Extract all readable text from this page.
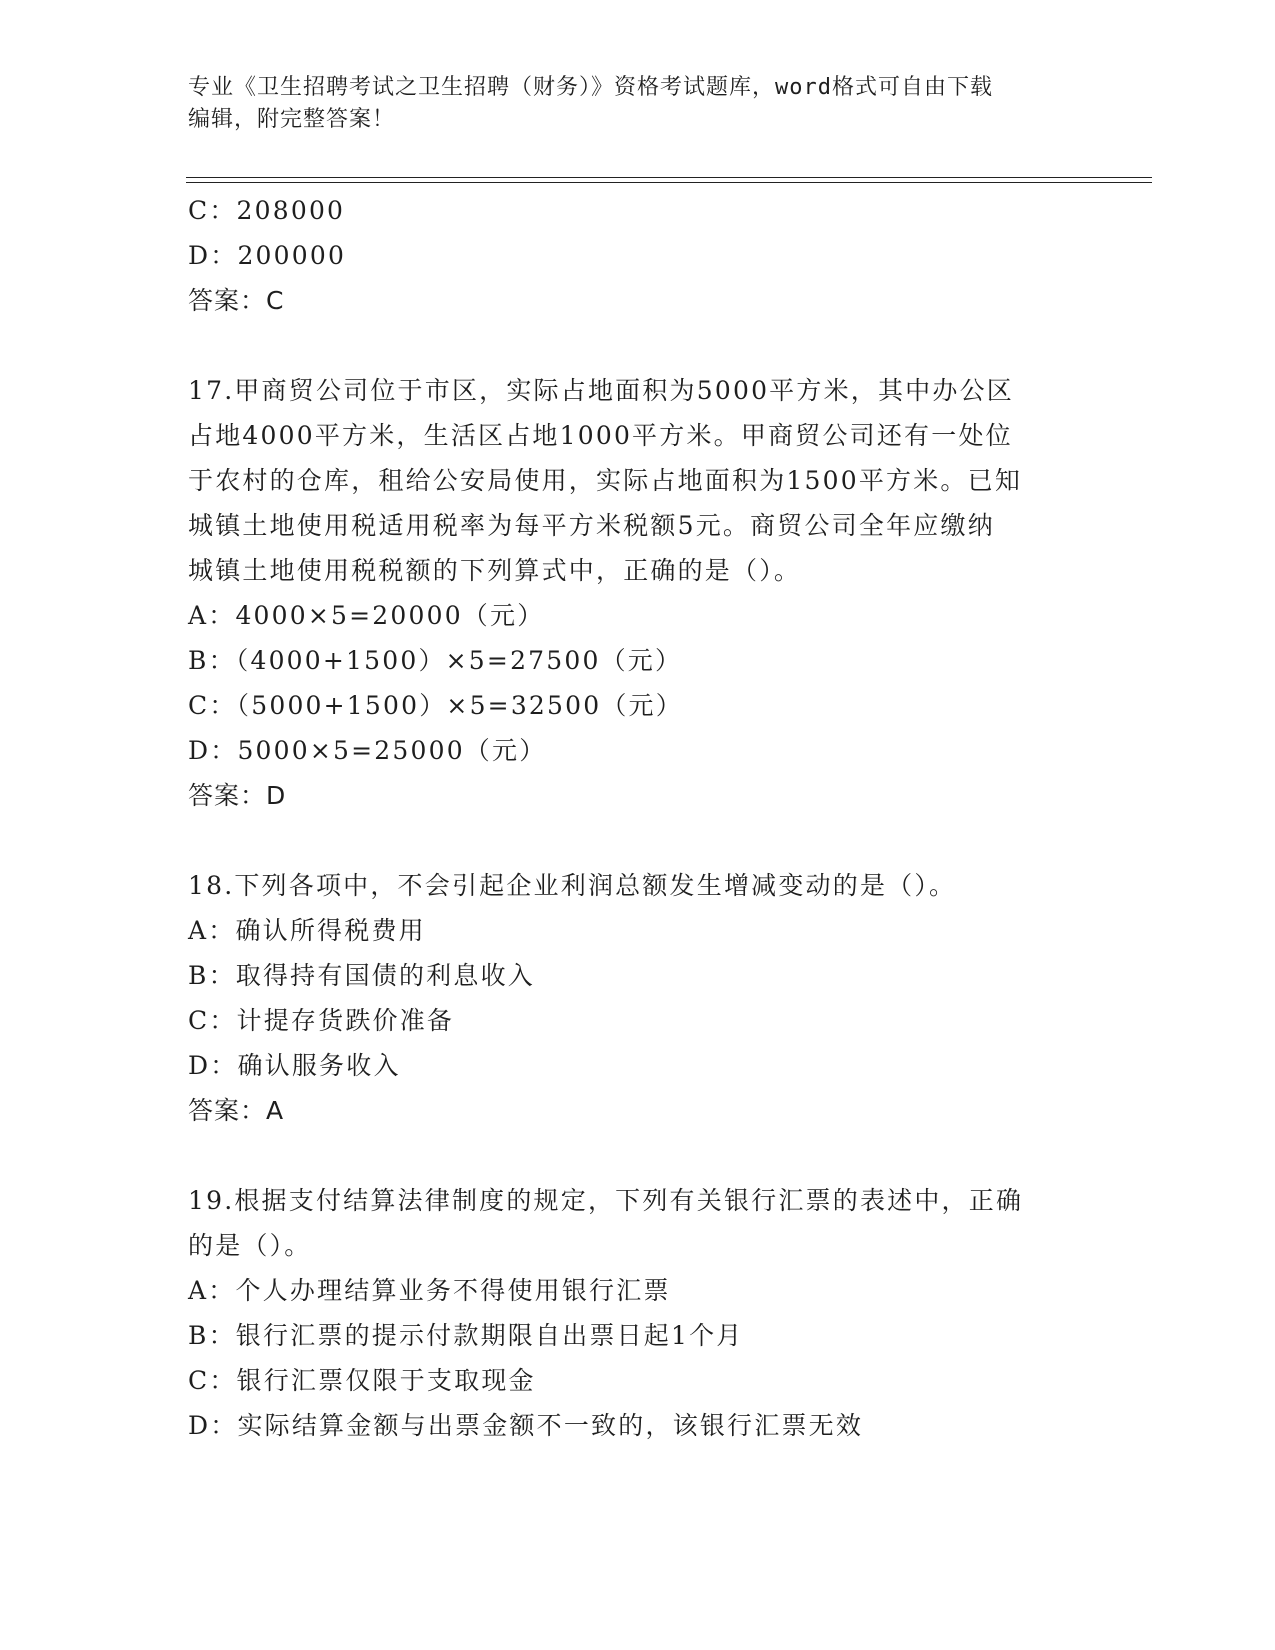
专业《卫生招聘考试之卫生招聘（财务）》资格考试题库，word格式可自由下载
编辑，附完整答案！
C：208000
D：200000
答案：C
17.甲商贸公司位于市区，实际占地面积为5000平方米，其中办公区
占地4000平方米，生活区占地1000平方米。甲商贸公司还有一处位
于农村的仓库，租给公安局使用，实际占地面积为1500平方米。已知
城镇土地使用税适用税率为每平方米税额5元。商贸公司全年应缴纳
城镇土地使用税税额的下列算式中，正确的是（）。
A：4000×5=20000（元）
B：（4000+1500）×5=27500（元）
C：（5000+1500）×5=32500（元）
D：5000×5=25000（元）
答案：D
18.下列各项中，不会引起企业利润总额发生增减变动的是（）。
A：确认所得税费用
B：取得持有国债的利息收入
C：计提存货跌价准备
D：确认服务收入
答案：A
19.根据支付结算法律制度的规定，下列有关银行汇票的表述中，正确
的是（）。
A：个人办理结算业务不得使用银行汇票
B：银行汇票的提示付款期限自出票日起1个月
C：银行汇票仅限于支取现金
D：实际结算金额与出票金额不一致的，该银行汇票无效
